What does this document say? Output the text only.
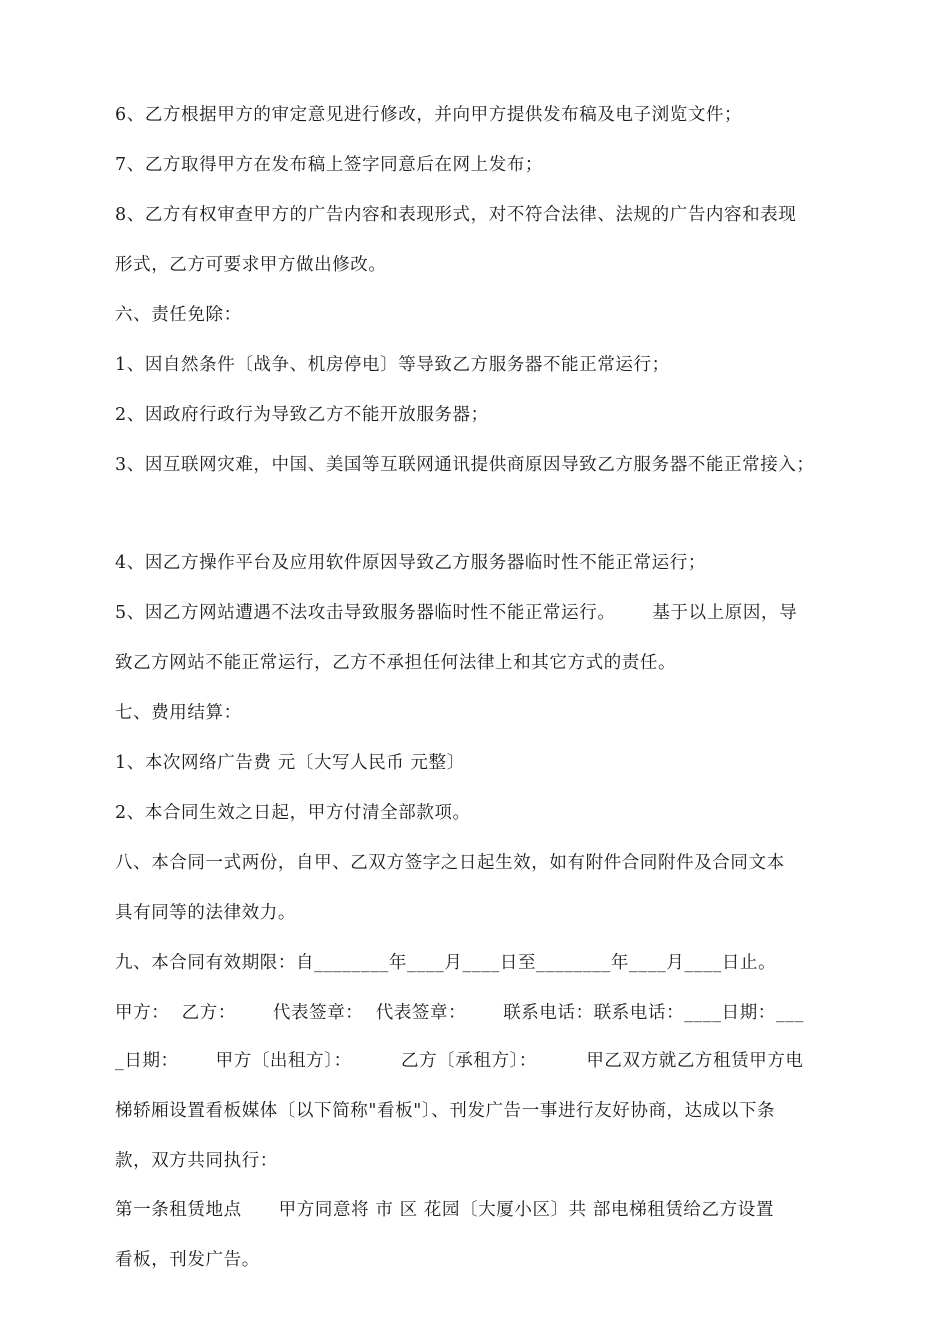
6、乙方根据甲方的审定意见进行修改，并向甲方提供发布稿及电子浏览文件；

7、乙方取得甲方在发布稿上签字同意后在网上发布；

8、乙方有权审查甲方的广告内容和表现形式，对不符合法律、法规的广告内容和表现

形式，乙方可要求甲方做出修改。

六、责任免除：

1、因自然条件〔战争、机房停电〕等导致乙方服务器不能正常运行；

2、因政府行政行为导致乙方不能开放服务器；

3、因互联网灾难，中国、美国等互联网通讯提供商原因导致乙方服务器不能正常接入；

4、因乙方操作平台及应用软件原因导致乙方服务器临时性不能正常运行；

5、因乙方网站遭遇不法攻击导致服务器临时性不能正常运行。      基于以上原因，导

致乙方网站不能正常运行，乙方不承担任何法律上和其它方式的责任。

七、费用结算：

1、本次网络广告费 元〔大写人民币 元整〕

2、本合同生效之日起，甲方付清全部款项。

八、本合同一式两份，自甲、乙双方签字之日起生效，如有附件合同附件及合同文本

具有同等的法律效力。

九、本合同有效期限：自________年____月____日至________年____月____日止。

甲方：  乙方：      代表签章：  代表签章：      联系电话：联系电话：____日期：___

_日期：      甲方〔出租方〕：        乙方〔承租方〕：        甲乙双方就乙方租赁甲方电

梯轿厢设置看板媒体〔以下简称"看板"〕、刊发广告一事进行友好协商，达成以下条

款，双方共同执行：

第一条租赁地点      甲方同意将 市 区 花园〔大厦小区〕共 部电梯租赁给乙方设置

看板，刊发广告。
